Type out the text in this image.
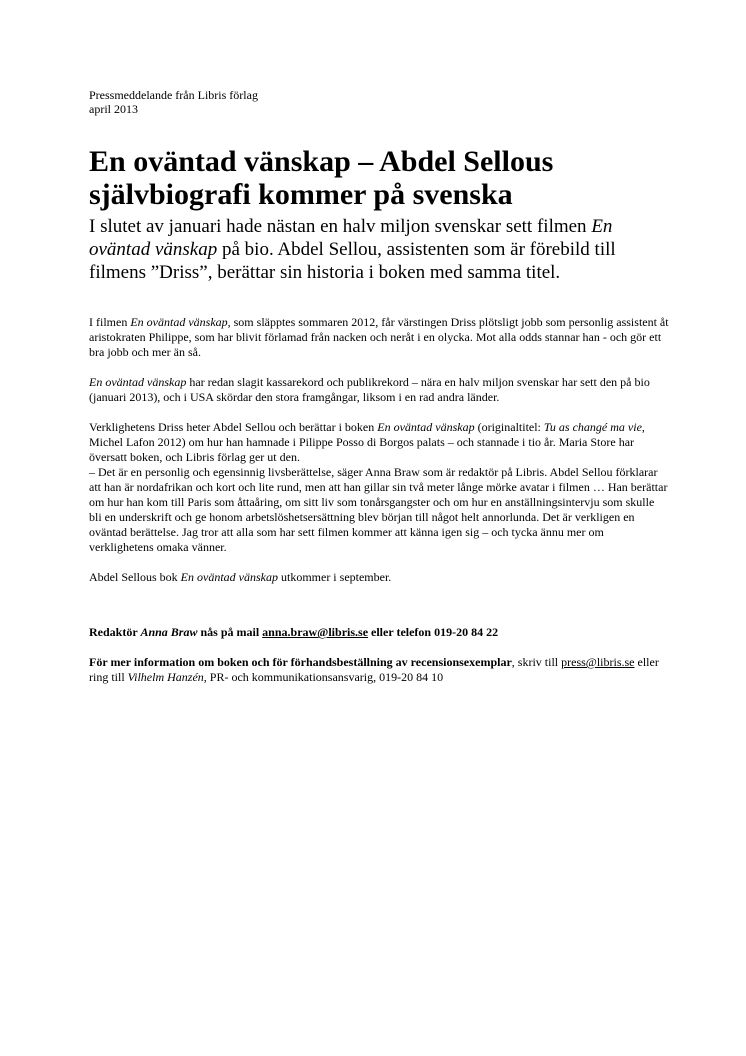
Pressmeddelande från Libris förlag
april 2013
En oväntad vänskap – Abdel Sellous
självbiografi kommer på svenska

I slutet av januari hade nästan en halv miljon svenskar sett filmen En oväntad vänskap på bio. Abdel Sellou, assistenten som är förebild till filmens ”Driss”, berättar sin historia i boken med samma titel.

I filmen En oväntad vänskap, som släpptes sommaren 2012, får värstingen Driss plötsligt jobb som personlig assistent åt aristokraten Philippe, som har blivit förlamad från nacken och neråt i en olycka. Mot alla odds stannar han - och gör ett bra jobb och mer än så.

En oväntad vänskap har redan slagit kassarekord och publikrekord – nära en halv miljon svenskar har sett den på bio (januari 2013), och i USA skördar den stora framgångar, liksom i en rad andra länder.

Verklighetens Driss heter Abdel Sellou och berättar i boken En oväntad vänskap (originaltitel: Tu as changé ma vie, Michel Lafon 2012) om hur han hamnade i Pilippe Posso di Borgos palats – och stannade i tio år. Maria Store har översatt boken, och Libris förlag ger ut den.
– Det är en personlig och egensinnig livsberättelse, säger Anna Braw som är redaktör på Libris. Abdel Sellou förklarar att han är nordafrikan och kort och lite rund, men att han gillar sin två meter långe mörke avatar i filmen … Han berättar om hur han kom till Paris som åttaåring, om sitt liv som tonårsgangster och om hur en anställningsintervju som skulle bli en underskrift och ge honom arbetslöshetsersättning blev början till något helt annorlunda. Det är verkligen en oväntad berättelse. Jag tror att alla som har sett filmen kommer att känna igen sig – och tycka ännu mer om verklighetens omaka vänner.

Abdel Sellous bok En oväntad vänskap utkommer i september.

Redaktör Anna Braw nås på mail anna.braw@libris.se eller telefon 019-20 84 22

För mer information om boken och för förhandsbeställning av recensionsexemplar, skriv till press@libris.se eller ring till Vilhelm Hanzén, PR- och kommunikationsansvarig, 019-20 84 10
